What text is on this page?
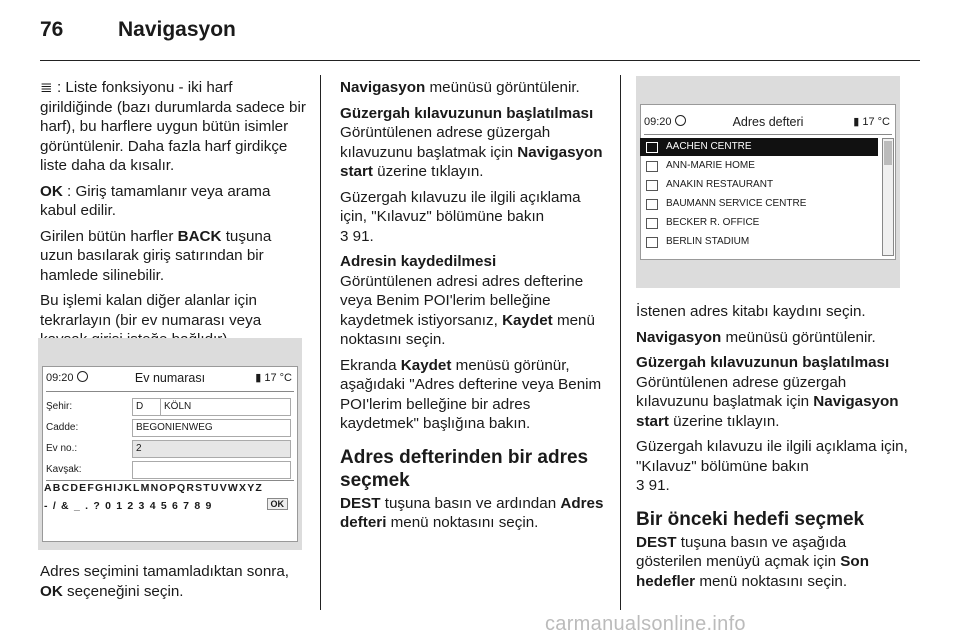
76	Navigasyon

≣ : Liste fonksiyonu - iki harf girildiğinde (bazı durumlarda sadece bir harf), bu harflere uygun bütün isimler görüntülenir. Daha fazla harf girdikçe liste daha da kısalır.

OK : Giriş tamamlanır veya arama kabul edilir.

Girilen bütün harfler BACK tuşuna uzun basılarak giriş satırından bir hamlede silinebilir.

Bu işlemi kalan diğer alanlar için tekrarlayın (bir ev numarası veya

09:20	Ev numarası	▮ 17 °C
Şehir:	D	KÖLN
Cadde:	BEGONIENWEG
Ev no.:	2
Kavşak:
ABCDEFGHIJKLMNOPQRSTUVWXYZ
- / & _ . ? 0 1 2 3 4 5 6 7 8 9	OK

Adres seçimini tamamladıktan sonra, OK seçeneğini seçin.

Navigasyon meünüsü görüntülenir.

Güzergah kılavuzunun başlatılması

Görüntülenen adrese güzergah kılavuzunu başlatmak için Navigasyon start üzerine tıklayın.

Güzergah kılavuzu ile ilgili açıklama için, "Kılavuz" bölümüne bakın
3 91.

Adresin kaydedilmesi

Görüntülenen adresi adres defterine veya Benim POI'lerim belleğine kaydetmek istiyorsanız, Kaydet menü noktasını seçin.

Ekranda Kaydet menüsü görünür, aşağıdaki "Adres defterine veya Benim POI'lerim belleğine bir adres kaydetmek" başlığına bakın.

Adres defterinden bir adres seçmek

DEST tuşuna basın ve ardından Adres defteri menü noktasını seçin.

09:20	Adres defteri	▮ 17 °C
AACHEN CENTRE
ANN-MARIE HOME
ANAKIN RESTAURANT
BAUMANN SERVICE CENTRE
BECKER R. OFFICE
BERLIN STADIUM

İstenen adres kitabı kaydını seçin.

Navigasyon meünüsü görüntülenir.

Güzergah kılavuzunun başlatılması

Görüntülenen adrese güzergah kılavuzunu başlatmak için Navigasyon start üzerine tıklayın.

Güzergah kılavuzu ile ilgili açıklama için, "Kılavuz" bölümüne bakın
3 91.

Bir önceki hedefi seçmek

DEST tuşuna basın ve aşağıda gösterilen menüyü açmak için Son hedefler menü noktasını seçin.

carmanualsonline.info
